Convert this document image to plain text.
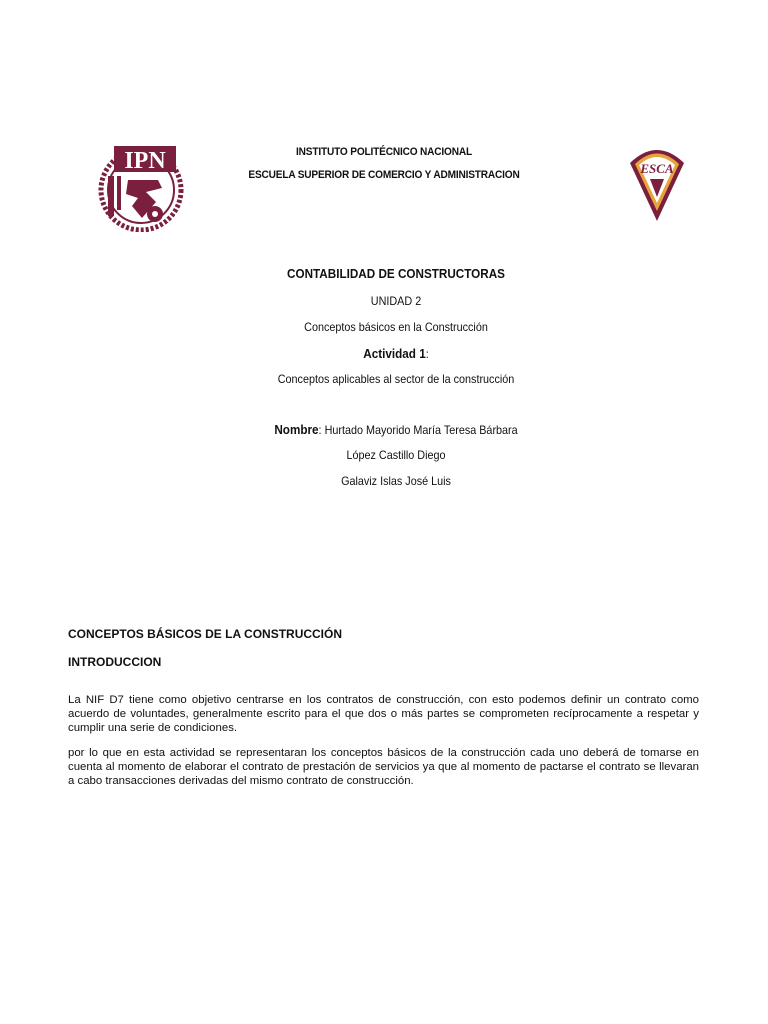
IPN	ESCA
INSTITUTO POLITÉCNICO NACIONAL
ESCUELA SUPERIOR DE COMERCIO Y ADMINISTRACION
CONTABILIDAD DE CONSTRUCTORAS
UNIDAD 2
Conceptos básicos en la Construcción
Actividad 1:
Conceptos aplicables al sector de la construcción
Nombre: Hurtado Mayorido María Teresa Bárbara
López Castillo Diego
Galaviz Islas José Luis
CONCEPTOS BÁSICOS DE LA CONSTRUCCIÓN
INTRODUCCION

La NIF D7 tiene como objetivo centrarse en los contratos de construcción, con esto podemos definir un contrato como acuerdo de voluntades, generalmente escrito para el que dos o más partes se comprometen recíprocamente a respetar y cumplir una serie de condiciones.

por lo que en esta actividad se representaran los conceptos básicos de la construcción cada uno deberá de tomarse en cuenta al momento de elaborar el contrato de prestación de servicios ya que al momento de pactarse el contrato se llevaran a cabo transacciones derivadas del mismo contrato de construcción.
